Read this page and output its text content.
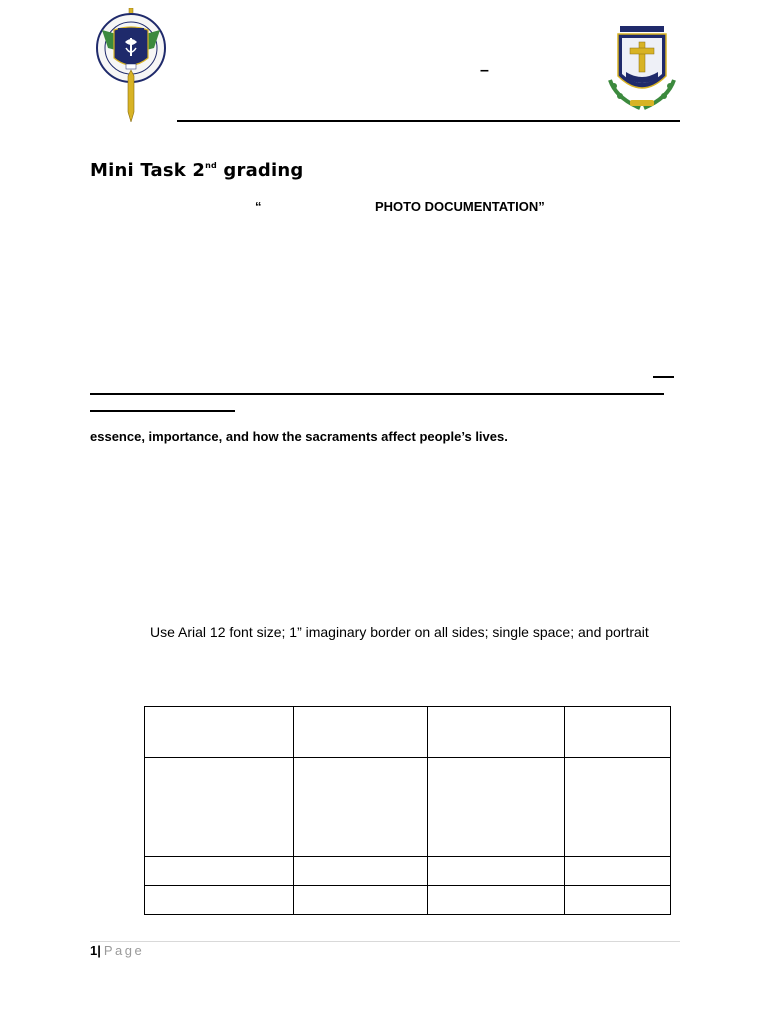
–
Mini Task 2nd grading
“	PHOTO DOCUMENTATION”
essence, importance, and how the sacraments affect people’s lives.
Use Arial 12 font size; 1” imaginary border on all sides; single space; and portrait

1| Page
